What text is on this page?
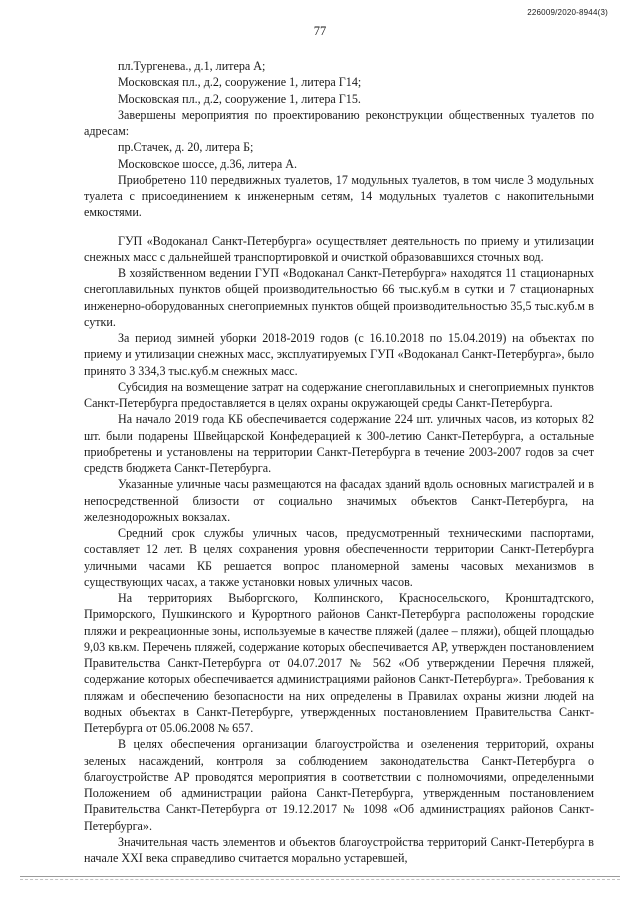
226009/2020-8944(3)
77

пл.Тургенева., д.1, литера А;

Московская пл., д.2, сооружение 1, литера Г14;

Московская пл., д.2, сооружение 1, литера Г15.

Завершены мероприятия по проектированию реконструкции общественных туалетов по адресам:

пр.Стачек, д. 20, литера Б;

Московское шоссе, д.36, литера А.

Приобретено 110 передвижных туалетов, 17 модульных туалетов, в том числе 3 модульных туалета с присоединением к инженерным сетям, 14 модульных туалетов с накопительными емкостями.

ГУП «Водоканал Санкт-Петербурга» осуществляет деятельность по приему и утилизации снежных масс с дальнейшей транспортировкой и очисткой образовавшихся сточных вод.

В хозяйственном ведении ГУП «Водоканал Санкт-Петербурга» находятся 11 стационарных снегоплавильных пунктов общей производительностью 66 тыс.куб.м в сутки и 7 стационарных инженерно-оборудованных снегоприемных пунктов общей производительностью 35,5 тыс.куб.м в сутки.

За период зимней уборки 2018-2019 годов (с 16.10.2018 по 15.04.2019) на объектах по приему и утилизации снежных масс, эксплуатируемых ГУП «Водоканал Санкт-Петербурга», было принято 3 334,3 тыс.куб.м снежных масс.

Субсидия на возмещение затрат на содержание снегоплавильных и снегоприемных пунктов Санкт-Петербурга предоставляется в целях охраны окружающей среды Санкт-Петербурга.

На начало 2019 года КБ обеспечивается содержание 224 шт. уличных часов, из которых 82 шт. были подарены Швейцарской Конфедерацией к 300-летию Санкт-Петербурга, а остальные приобретены и установлены на территории Санкт-Петербурга в течение 2003-2007 годов за счет средств бюджета Санкт-Петербурга.

Указанные уличные часы размещаются на фасадах зданий вдоль основных магистралей и в непосредственной близости от социально значимых объектов Санкт-Петербурга, на железнодорожных вокзалах.

Средний срок службы уличных часов, предусмотренный техническими паспортами, составляет 12 лет. В целях сохранения уровня обеспеченности территории Санкт-Петербурга уличными часами КБ решается вопрос планомерной замены часовых механизмов в существующих часах, а также установки новых уличных часов.

На территориях Выборгского, Колпинского, Красносельского, Кронштадтского, Приморского, Пушкинского и Курортного районов Санкт-Петербурга расположены городские пляжи и рекреационные зоны, используемые в качестве пляжей (далее – пляжи), общей площадью 9,03 кв.км. Перечень пляжей, содержание которых обеспечивается АР, утвержден постановлением Правительства Санкт-Петербурга от 04.07.2017 № 562 «Об утверждении Перечня пляжей, содержание которых обеспечивается администрациями районов Санкт-Петербурга». Требования к пляжам и обеспечению безопасности на них определены в Правилах охраны жизни людей на водных объектах в Санкт-Петербурге, утвержденных постановлением Правительства Санкт-Петербурга от 05.06.2008 № 657.

В целях обеспечения организации благоустройства и озеленения территорий, охраны зеленых насаждений, контроля за соблюдением законодательства Санкт-Петербурга о благоустройстве АР проводятся мероприятия в соответствии с полномочиями, определенными Положением об администрации района Санкт-Петербурга, утвержденным постановлением Правительства Санкт-Петербурга от 19.12.2017 № 1098 «Об администрациях районов Санкт-Петербурга».

Значительная часть элементов и объектов благоустройства территорий Санкт-Петербурга в начале XXI века справедливо считается морально устаревшей,
